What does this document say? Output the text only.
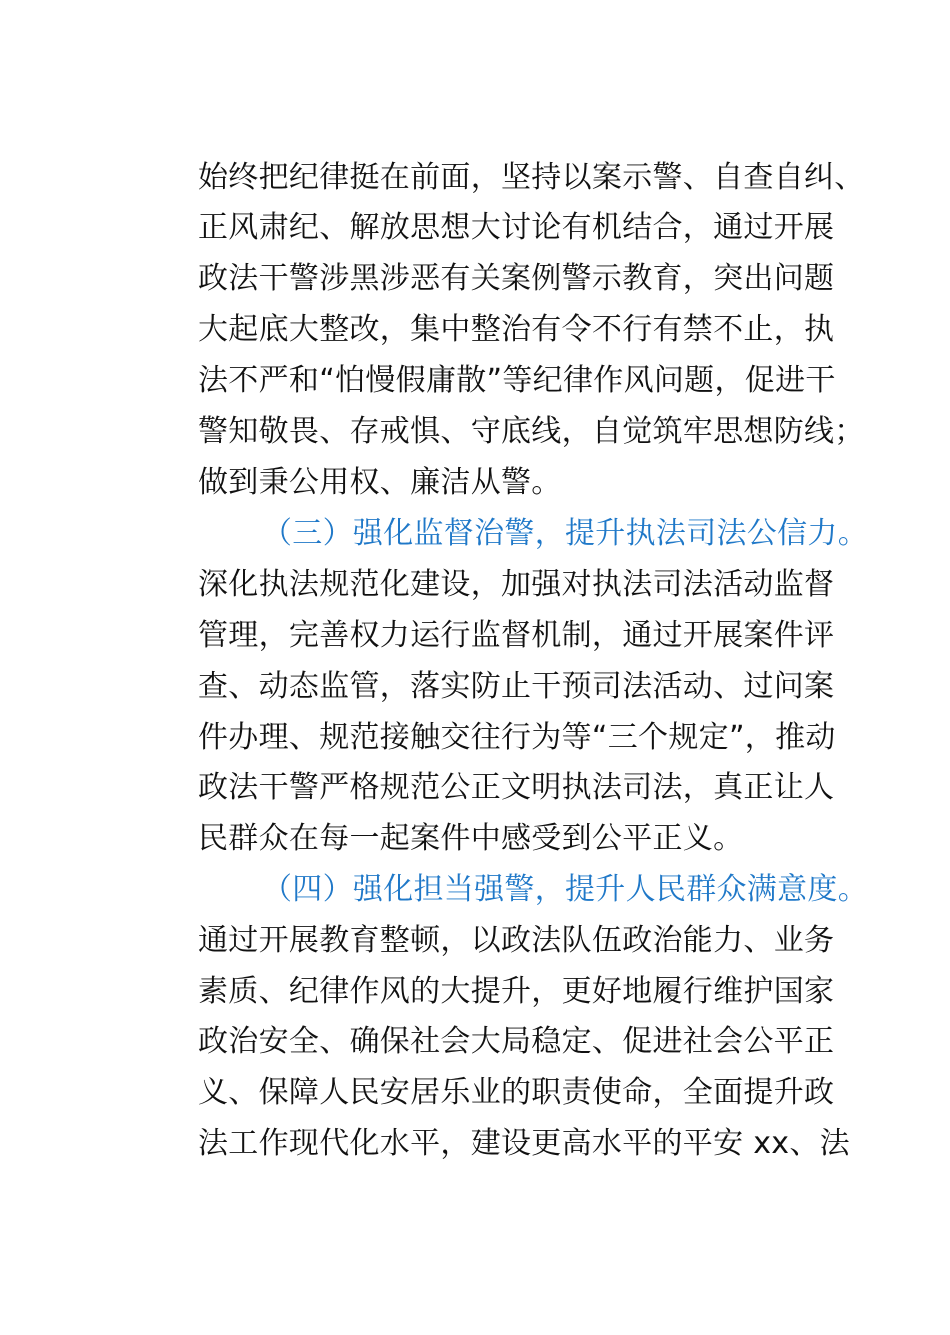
始终把纪律挺在前面，坚持以案示警、自查自纠、
正风肃纪、解放思想大讨论有机结合，通过开展
政法干警涉黑涉恶有关案例警示教育，突出问题
大起底大整改，集中整治有令不行有禁不止，执
法不严和“怕慢假庸散”等纪律作风问题，促进干
警知敬畏、存戒惧、守底线，自觉筑牢思想防线；
做到秉公用权、廉洁从警。
（三）强化监督治警，提升执法司法公信力。
深化执法规范化建设，加强对执法司法活动监督
管理，完善权力运行监督机制，通过开展案件评
查、动态监管，落实防止干预司法活动、过问案
件办理、规范接触交往行为等“三个规定”，推动
政法干警严格规范公正文明执法司法，真正让人
民群众在每一起案件中感受到公平正义。
（四）强化担当强警，提升人民群众满意度。
通过开展教育整顿，以政法队伍政治能力、业务
素质、纪律作风的大提升，更好地履行维护国家
政治安全、确保社会大局稳定、促进社会公平正
义、保障人民安居乐业的职责使命，全面提升政
法工作现代化水平，建设更高水平的平安 xx、法
